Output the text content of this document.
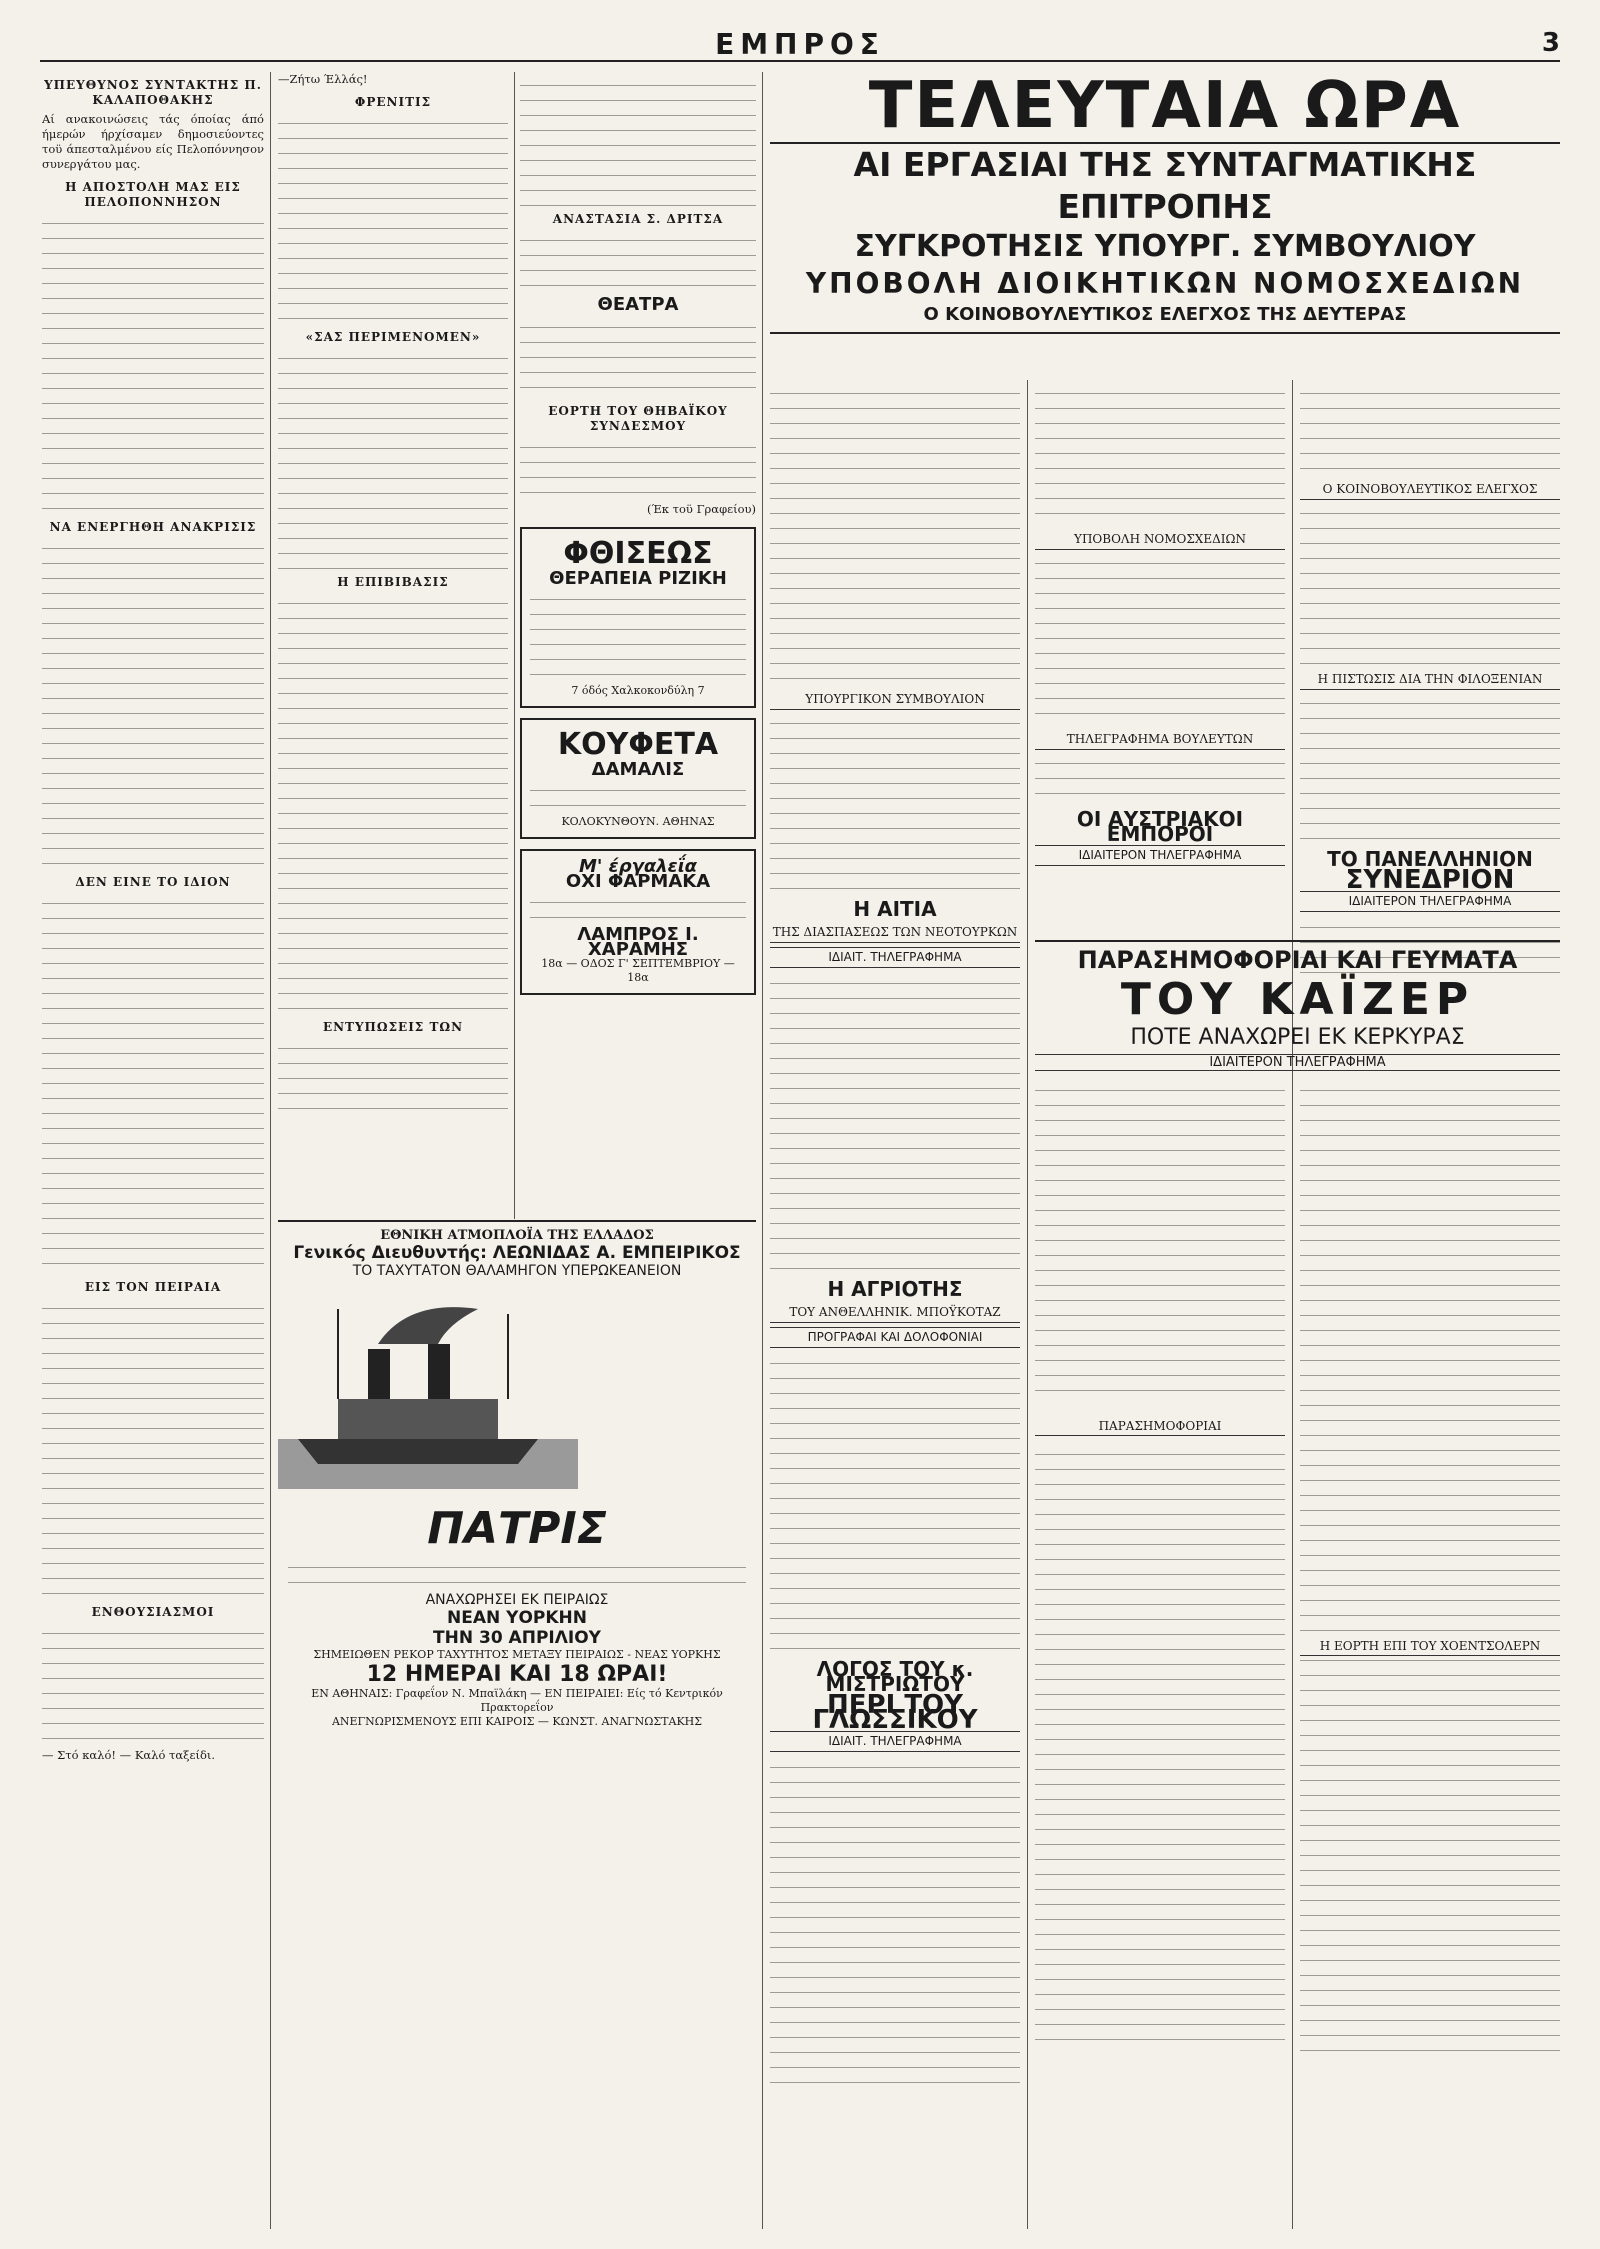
ΕΜΠΡΟΣ	3
ΥΠΕΥΘΥΝΟΣ ΣΥΝΤΑΚΤΗΣ Π. ΚΑΛΑΠΟΘΑΚΗΣ
Αί ανακοινώσεις τάς όποίας άπό ήμερών ήρχίσαμεν δημοσιεύοντες τοϋ άπεσταλμένου είς Πελοπόννησον συνεργάτου μας.
Η ΑΠΟΣΤΟΛΗ ΜΑΣ ΕΙΣ ΠΕΛΟΠΟΝΝΗΣΟΝ
ΝΑ ΕΝΕΡΓΗΘΗ ΑΝΑΚΡΙΣΙΣ
ΔΕΝ ΕΙΝΕ ΤΟ ΙΔΙΟΝ
ΕΙΣ ΤΟΝ ΠΕΙΡΑΙΑ
ΕΝΘΟΥΣΙΑΣΜΟΙ
— Στό καλό! — Καλό ταξείδι.
—Ζήτω Έλλάς!
ΦΡΕΝΙΤΙΣ
«ΣΑΣ ΠΕΡΙΜΕΝΟΜΕΝ»
Η ΕΠΙΒΙΒΑΣΙΣ
ΕΝΤΥΠΩΣΕΙΣ ΤΩΝ
ΑΝΑΣΤΑΣΙΑ Σ. ΔΡΙΤΣΑ
ΘΕΑΤΡΑ
ΕΟΡΤΗ ΤΟΥ ΘΗΒΑΪΚΟΥ ΣΥΝΔΕΣΜΟΥ
(Έκ τοϋ Γραφείου)
ΦΘΙΣΕΩΣ
ΘΕΡΑΠΕΙΑ ΡΙΖΙΚΗ
7 όδός Χαλκοκονδύλη 7
ΚΟΥΦΕΤΑ
ΔΑΜΑΛΙΣ
ΚΟΛΟΚΥΝΘΟΥΝ. ΑΘΗΝΑΣ
Μ' έργαλεΐα
ΟΧΙ ΦΑΡΜΑΚΑ
ΛΑΜΠΡΟΣ Ι. ΧΑΡΑΜΗΣ
18α — ΟΔΟΣ Γ' ΣΕΠΤΕΜΒΡΙΟΥ — 18α
ΕΘΝΙΚΗ ΑΤΜΟΠΛΟΪΑ ΤΗΣ ΕΛΛΑΔΟΣ
Γενικός Διευθυντής: ΛΕΩΝΙΔΑΣ Α. ΕΜΠΕΙΡΙΚΟΣ
ΤΟ ΤΑΧΥΤΑΤΟΝ ΘΑΛΑΜΗΓΟΝ ΥΠΕΡΩΚΕΑΝΕΙΟΝ
ΠΑΤΡΙΣ
ΑΝΑΧΩΡΗΣΕΙ ΕΚ ΠΕΙΡΑΙΩΣ
ΝΕΑΝ ΥΟΡΚΗΝ
ΤΗΝ 30 ΑΠΡΙΛΙΟΥ
ΣΗΜΕΙΩΘΕΝ ΡΕΚΟΡ ΤΑΧΥΤΗΤΟΣ ΜΕΤΑΞΥ ΠΕΙΡΑΙΩΣ - ΝΕΑΣ ΥΟΡΚΗΣ
12 ΗΜΕΡΑΙ ΚΑΙ 18 ΩΡΑΙ!
ΕΝ ΑΘΗΝΑΙΣ: Γραφεΐον Ν. Μπαϊλάκη — ΕΝ ΠΕΙΡΑΙΕΙ: Είς τό Κεντρικόν Πρακτορεΐον
ΑΝΕΓΝΩΡΙΣΜΕΝΟΥΣ ΕΠΙ ΚΑΙΡΟΙΣ — ΚΩΝΣΤ. ΑΝΑΓΝΩΣΤΑΚΗΣ
ΤΕΛΕΥΤΑΙΑ ΩΡΑ
ΑΙ ΕΡΓΑΣΙΑΙ ΤΗΣ ΣΥΝΤΑΓΜΑΤΙΚΗΣ ΕΠΙΤΡΟΠΗΣ
ΣΥΓΚΡΟΤΗΣΙΣ ΥΠΟΥΡΓ. ΣΥΜΒΟΥΛΙΟΥ
ΥΠΟΒΟΛΗ ΔΙΟΙΚΗΤΙΚΩΝ ΝΟΜΟΣΧΕΔΙΩΝ
Ο ΚΟΙΝΟΒΟΥΛΕΥΤΙΚΟΣ ΕΛΕΓΧΟΣ ΤΗΣ ΔΕΥΤΕΡΑΣ
ΥΠΟΥΡΓΙΚΟΝ ΣΥΜΒΟΥΛΙΟΝ
Η ΑΙΤΙΑ
ΤΗΣ ΔΙΑΣΠΑΣΕΩΣ ΤΩΝ ΝΕΟΤΟΥΡΚΩΝ
ΙΔΙΑΙΤ. ΤΗΛΕΓΡΑΦΗΜΑ
Η ΑΓΡΙΟΤΗΣ
ΤΟΥ ΑΝΘΕΛΛΗΝΙΚ. ΜΠΟΫΚΟΤΑΖ
ΠΡΟΓΡΑΦΑΙ ΚΑΙ ΔΟΛΟΦΟΝΙΑΙ
ΛΟΓΟΣ ΤΟΥ κ. ΜΙΣΤΡΙΩΤΟΥ
ΠΕΡΙ ΤΟΥ ΓΛΩΣΣΙΚΟΥ
ΙΔΙΑΙΤ. ΤΗΛΕΓΡΑΦΗΜΑ
ΥΠΟΒΟΛΗ ΝΟΜΟΣΧΕΔΙΩΝ
ΤΗΛΕΓΡΑΦΗΜΑ ΒΟΥΛΕΥΤΩΝ
ΟΙ ΑΥΣΤΡΙΑΚΟΙ ΕΜΠΟΡΟΙ
ΙΔΙΑΙΤΕΡΟΝ ΤΗΛΕΓΡΑΦΗΜΑ
Ο ΚΟΙΝΟΒΟΥΛΕΥΤΙΚΟΣ ΕΛΕΓΧΟΣ
Η ΠΙΣΤΩΣΙΣ ΔΙΑ ΤΗΝ ΦΙΛΟΞΕΝΙΑΝ
ΤΟ ΠΑΝΕΛΛΗΝΙΟΝ
ΣΥΝΕΔΡΙΟΝ
ΙΔΙΑΙΤΕΡΟΝ ΤΗΛΕΓΡΑΦΗΜΑ
ΠΑΡΑΣΗΜΟΦΟΡΙΑΙ ΚΑΙ ΓΕΥΜΑΤΑ
ΤΟΥ ΚΑΪΖΕΡ
ΠΟΤΕ ΑΝΑΧΩΡΕΙ ΕΚ ΚΕΡΚΥΡΑΣ
ΙΔΙΑΙΤΕΡΟΝ ΤΗΛΕΓΡΑΦΗΜΑ
ΠΑΡΑΣΗΜΟΦΟΡΙΑΙ
Η ΕΟΡΤΗ ΕΠΙ ΤΟΥ ΧΟΕΝΤΣΟΛΕΡΝ
